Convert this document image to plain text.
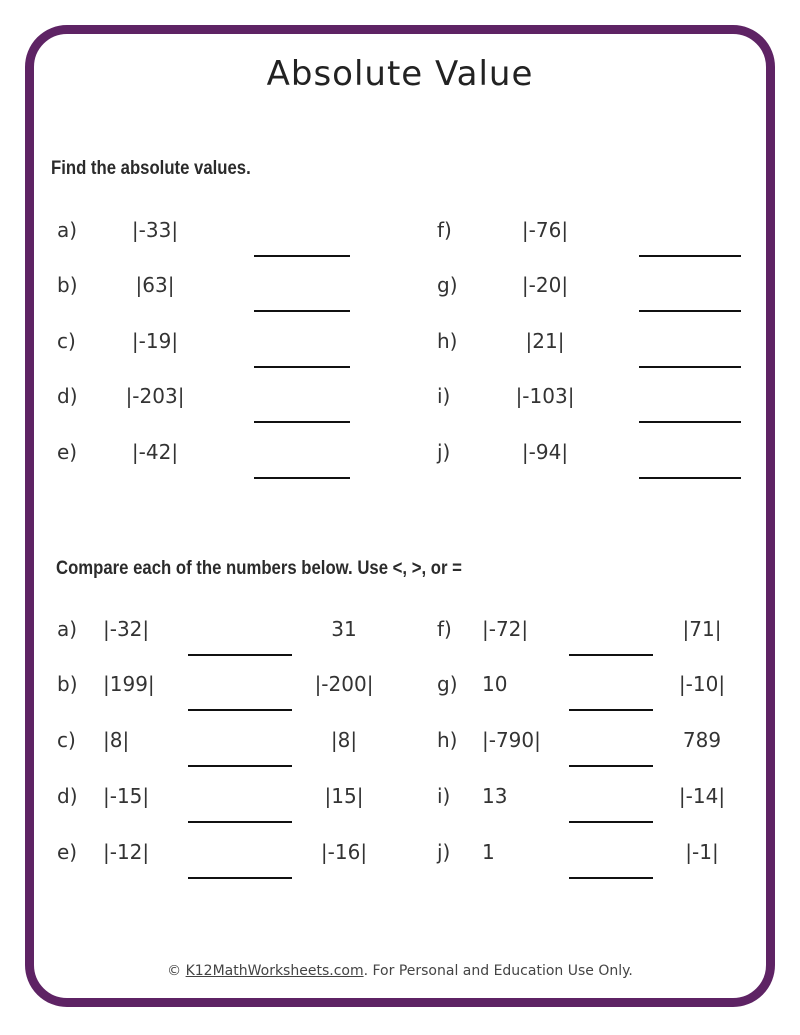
Absolute Value
Find the absolute values.
a)	|-33|
b)	|63|
c)	|-19|
d) |-203|
e)	|-42|
f)	|-76|
g)	|-20|
h)	|21|
i)	|-103|
j)	|-94|
Compare each of the numbers below. Use <, >, or =
a) |-32|	31
b) |199|	|-200|
c) |8|	|8|
d) |-15|	|15|
e) |-12|	|-16|
f) |-72|	|71|
g) 10	|-10|
h) |-790|	789
i) 13	|-14|
j) 1	|-1|
© K12MathWorksheets.com. For Personal and Education Use Only.
